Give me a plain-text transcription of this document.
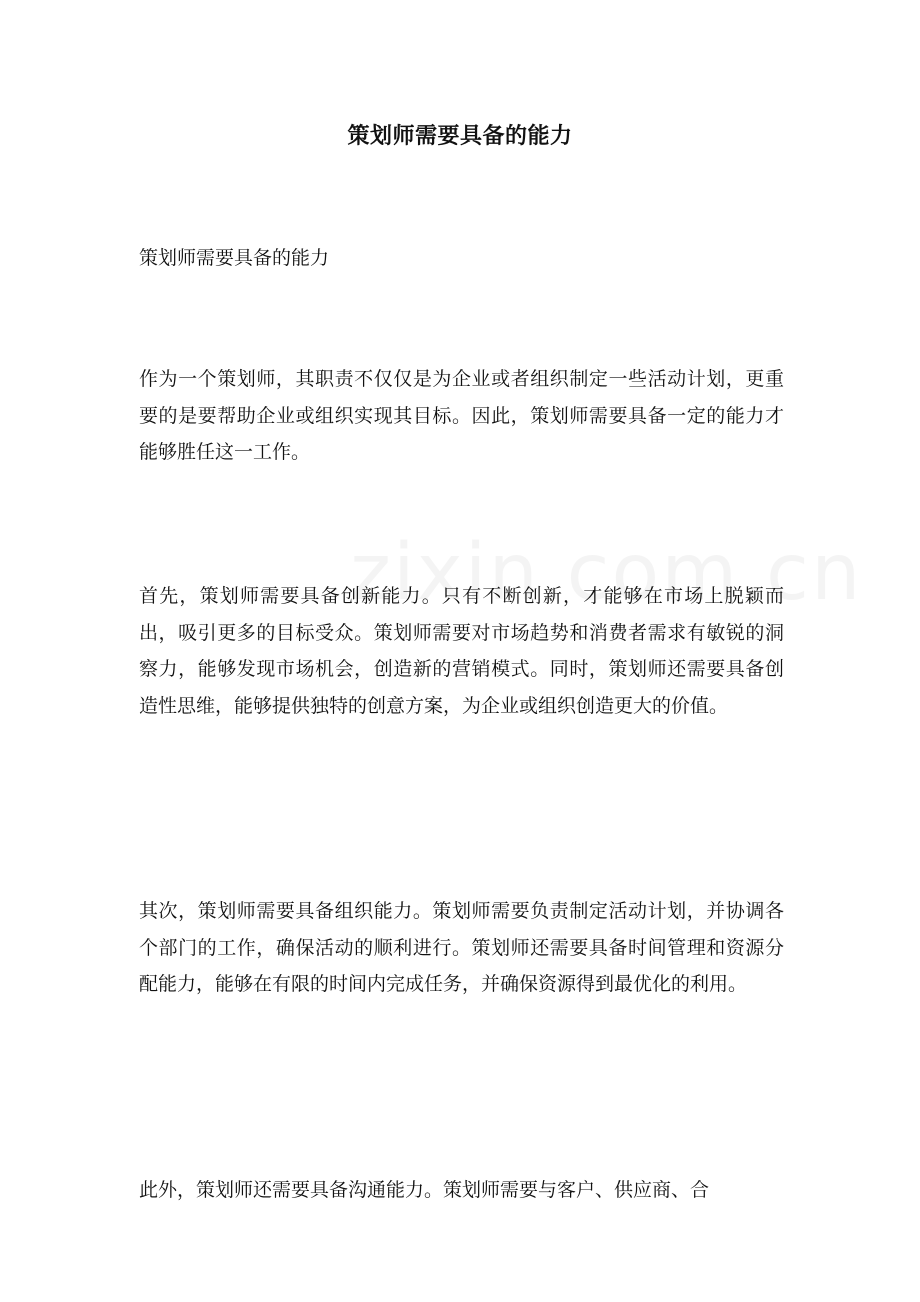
策划师需要具备的能力
策划师需要具备的能力

作为一个策划师，其职责不仅仅是为企业或者组织制定一些活动计划，更重要的是要帮助企业或组织实现其目标。因此，策划师需要具备一定的能力才能够胜任这一工作。

首先，策划师需要具备创新能力。只有不断创新，才能够在市场上脱颖而出，吸引更多的目标受众。策划师需要对市场趋势和消费者需求有敏锐的洞察力，能够发现市场机会，创造新的营销模式。同时，策划师还需要具备创造性思维，能够提供独特的创意方案，为企业或组织创造更大的价值。

其次，策划师需要具备组织能力。策划师需要负责制定活动计划，并协调各个部门的工作，确保活动的顺利进行。策划师还需要具备时间管理和资源分配能力，能够在有限的时间内完成任务，并确保资源得到最优化的利用。

此外，策划师还需要具备沟通能力。策划师需要与客户、供应商、合
